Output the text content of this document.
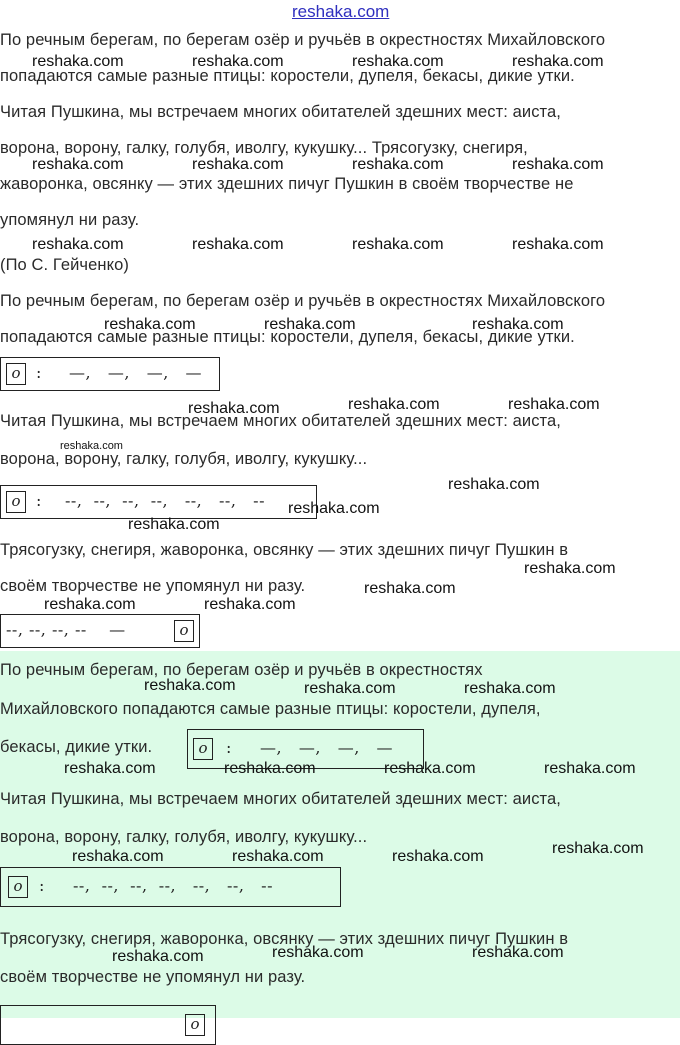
reshaka.com
По речным берегам, по берегам озёр и ручьёв в окрестностях Михайловского
попадаются самые разные птицы: коростели, дупеля, бекасы, дикие утки.
Читая Пушкина, мы встречаем многих обитателей здешних мест: аиста,
ворона, ворону, галку, голубя, иволгу, кукушку... Трясогузку, снегиря,
жаворонка, овсянку — этих здешних пичуг Пушкин в своём творчестве не
упомянул ни разу.
(По С. Гейченко)
По речным берегам, по берегам озёр и ручьёв в окрестностях Михайловского
попадаются самые разные птицы: коростели, дупеля, бекасы, дикие утки.
о : —,   —,   —,   —
Читая Пушкина, мы встречаем многих обитателей здешних мест: аиста,
ворона, ворону, галку, голубя, иволгу, кукушку...
о : --,  --,  --,  --,   --,   --,   --
Трясогузку, снегиря, жаворонка, овсянку — этих здешних пичуг Пушкин в
своём творчестве не упомянул ни разу.
--, --, --, --    —	о
По речным берегам, по берегам озёр и ручьёв в окрестностях
Михайловского попадаются самые разные птицы: коростели, дупеля,
бекасы, дикие утки.	о	: —,   —,   —,   —
Читая Пушкина, мы встречаем многих обитателей здешних мест: аиста,
ворона, ворону, галку, голубя, иволгу, кукушку...
о	: --,  --,  --,  --,   --,   --,   --
Трясогузку, снегиря, жаворонка, овсянку — этих здешних пичуг Пушкин в
своём творчестве не упомянул ни разу.
о
reshaka.com	reshaka.com	reshaka.com	reshaka.com
reshaka.com	reshaka.com	reshaka.com	reshaka.com
reshaka.com	reshaka.com	reshaka.com	reshaka.com
reshaka.com	reshaka.com	reshaka.com
reshaka.com	reshaka.com	reshaka.com
reshaka.com
reshaka.com
reshaka.com
reshaka.com
reshaka.com
reshaka.com
reshaka.com	reshaka.com
reshaka.com	reshaka.com	reshaka.com
reshaka.com	reshaka.com	reshaka.com	reshaka.com
reshaka.com
reshaka.com	reshaka.com	reshaka.com
reshaka.com	reshaka.com
reshaka.com
